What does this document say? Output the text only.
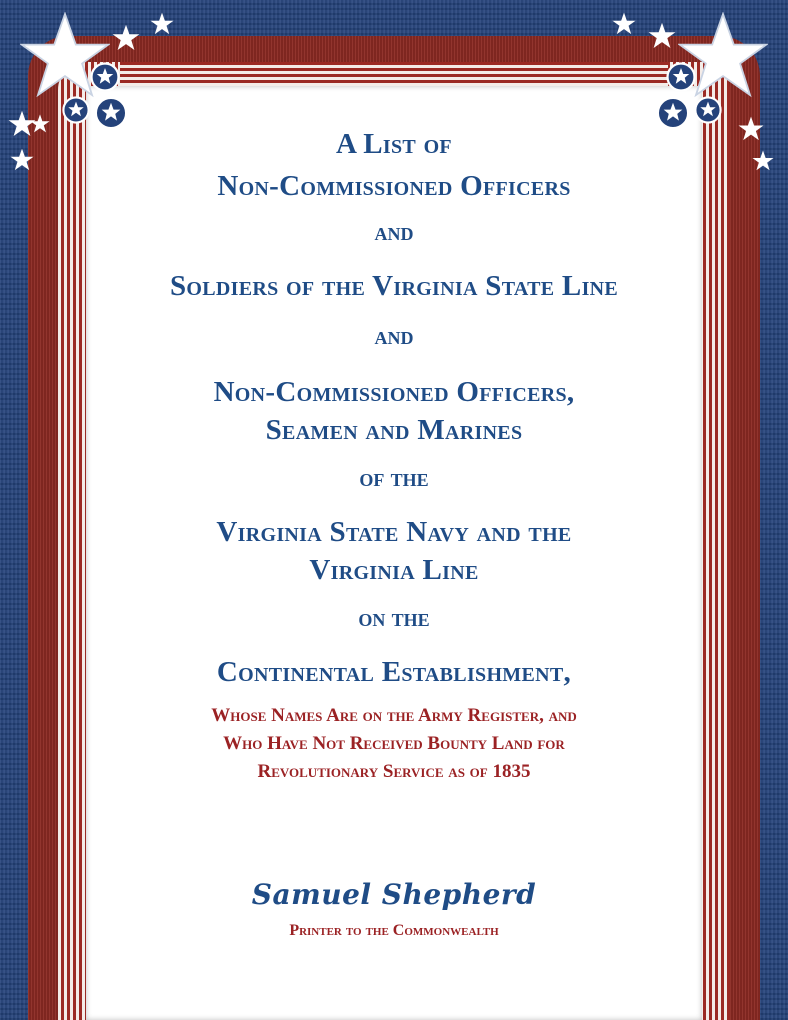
A List of
Non-Commissioned Officers
and
Soldiers of the Virginia State Line
and
Non-Commissioned Officers,
Seamen and Marines
of the
Virginia State Navy and the
Virginia Line
on the
Continental Establishment,
Whose Names Are on the Army Register, and
Who Have Not Received Bounty Land for
Revolutionary Service as of 1835
Samuel Shepherd
Printer to the Commonwealth
